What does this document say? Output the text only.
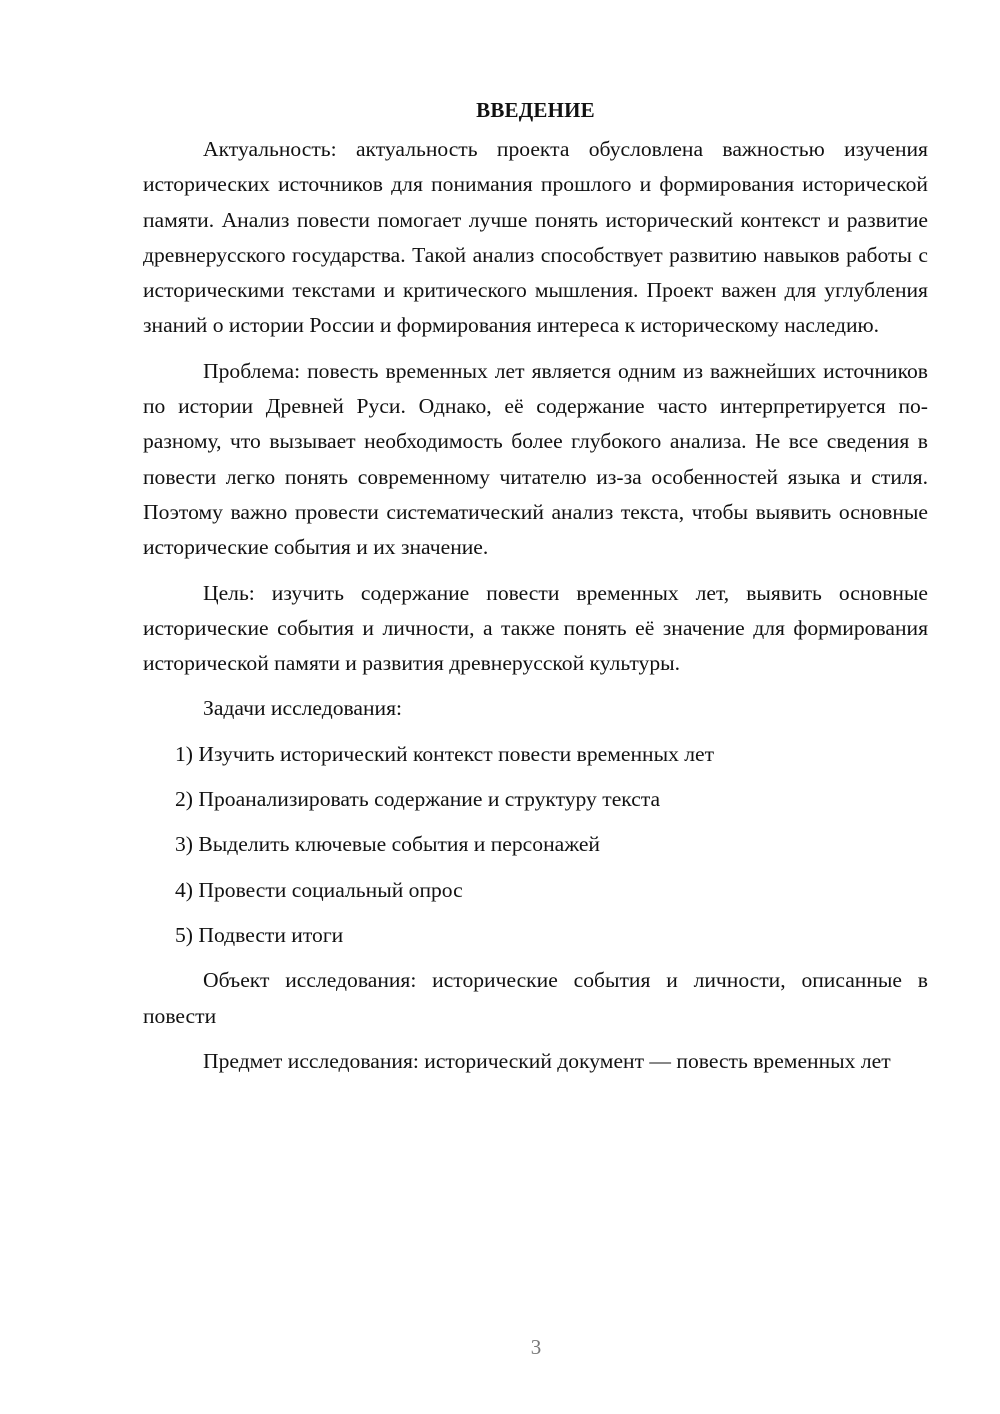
ВВЕДЕНИЕ

Актуальность: актуальность проекта обусловлена важностью изучения исторических источников для понимания прошлого и формирования исторической памяти. Анализ повести помогает лучше понять исторический контекст и развитие древнерусского государства. Такой анализ способствует развитию навыков работы с историческими текстами и критического мышления. Проект важен для углубления знаний о истории России и формирования интереса к историческому наследию.

Проблема: повесть временных лет является одним из важнейших источников по истории Древней Руси. Однако, её содержание часто интерпретируется по-разному, что вызывает необходимость более глубокого анализа. Не все сведения в повести легко понять современному читателю из-за особенностей языка и стиля. Поэтому важно провести систематический анализ текста, чтобы выявить основные исторические события и их значение.

Цель: изучить содержание повести временных лет, выявить основные исторические события и личности, а также понять её значение для формирования исторической памяти и развития древнерусской культуры.

Задачи исследования:

1) Изучить исторический контекст повести временных лет
2) Проанализировать содержание и структуру текста
3) Выделить ключевые события и персонажей
4) Провести социальный опрос
5) Подвести итоги

Объект исследования: исторические события и личности, описанные в повести

Предмет исследования: исторический документ — повесть временных лет

3
